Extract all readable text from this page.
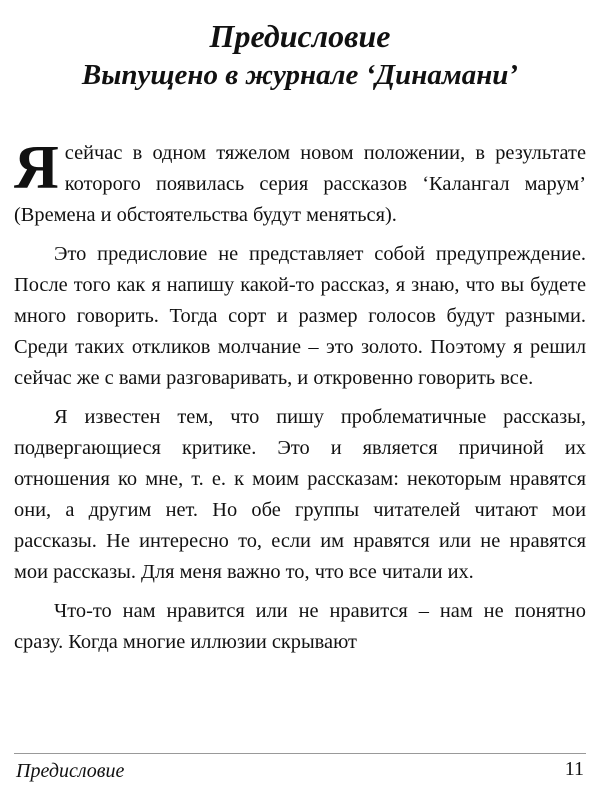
Предисловие
Выпущено в журнале ‘Динамани’

Я сейчас в одном тяжелом новом положении, в результате которого появилась серия рассказов ‘Калангал марум’ (Времена и обстоятельства будут меняться).

Это предисловие не представляет собой предупреждение. После того как я напишу какой-то рассказ, я знаю, что вы будете много говорить. Тогда сорт и размер голосов будут разными. Среди таких откликов молчание – это золото. Поэтому я решил сейчас же с вами разговаривать, и откровенно говорить все.

Я известен тем, что пишу проблематичные рассказы, подвергающиеся критике. Это и является причиной их отношения ко мне, т. е. к моим рассказам: некоторым нравятся они, а другим нет. Но обе группы читателей читают мои рассказы. Не интересно то, если им нравятся или не нравятся мои рассказы. Для меня важно то, что все читали их.

Что-то нам нравится или не нравится – нам не понятно сразу. Когда многие иллюзии скрывают

Предисловие	11
